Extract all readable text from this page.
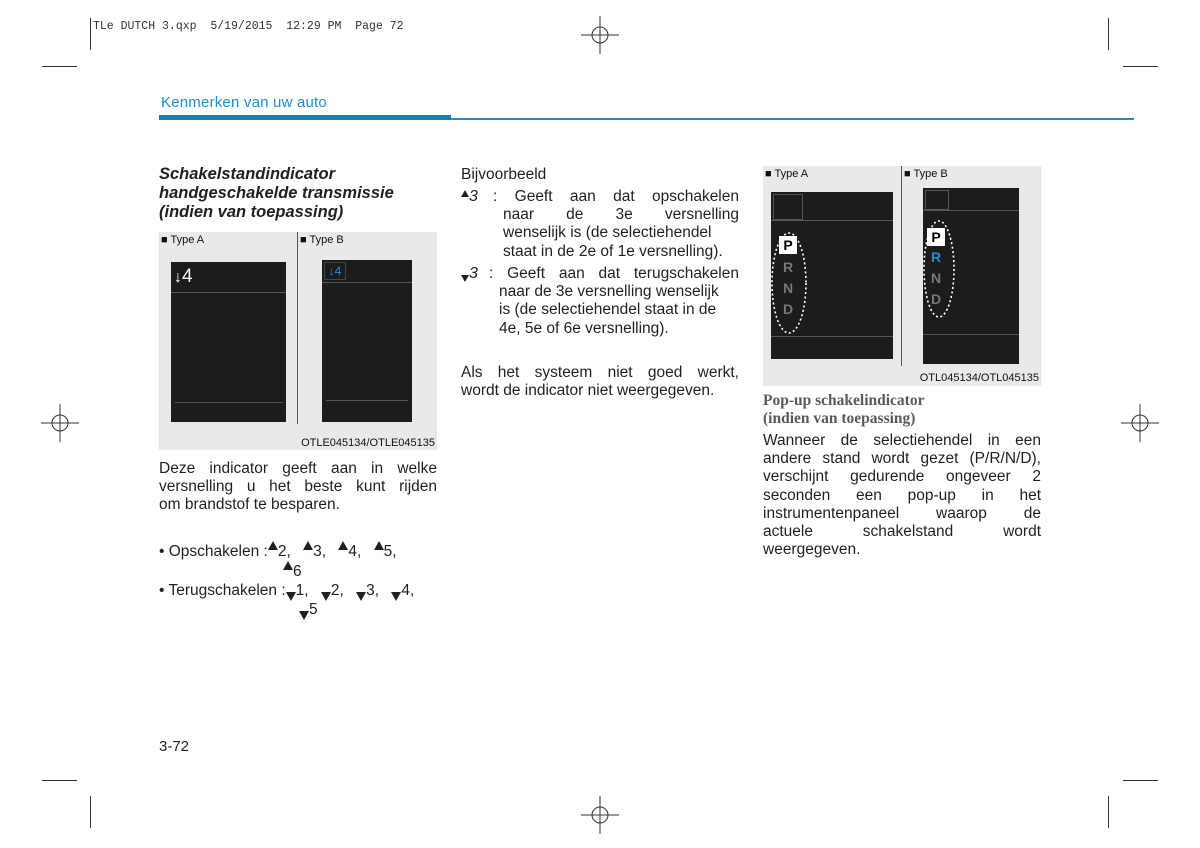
TLe DUTCH 3.qxp  5/19/2015  12:29 PM  Page 72
Kenmerken van uw auto
Schakelstandindicator
handgeschakelde transmissie
(indien van toepassing)
■ Type A	■ Type B
↓4	↓4
OTLE045134/OTLE045135
Deze indicator geeft aan in welke
versnelling u het beste kunt rijden
om brandstof te besparen.
• Opschakelen : 2, 3, 4, 5,
6
• Terugschakelen : 1, 2, 3, 4,
5
Bijvoorbeeld
3 : Geeft aan dat opschakelen
naar de 3e versnelling
wenselijk is (de selectiehendel
staat in de 2e of 1e versnelling).
3 : Geeft aan dat terugschakelen
naar de 3e versnelling wenselijk
is (de selectiehendel staat in de
4e, 5e of 6e versnelling).
Als het systeem niet goed werkt,
wordt de indicator niet weergegeven.
■ Type A	■ Type B
P
R
N
D
P
R
N
D
OTL045134/OTL045135
Pop-up schakelindicator
(indien van toepassing)
Wanneer de selectiehendel in een
andere stand wordt gezet (P/R/N/D),
verschijnt gedurende ongeveer 2
seconden een pop-up in het
instrumentenpaneel waarop de
actuele schakelstand wordt
weergegeven.
3-72
